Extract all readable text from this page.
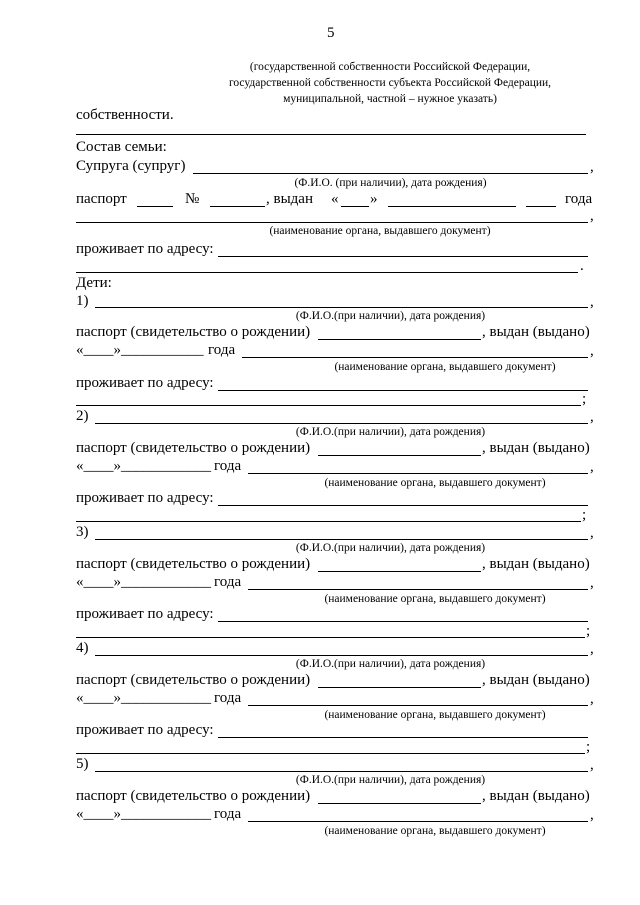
5
(государственной собственности Российской Федерации,
государственной собственности субъекта Российской Федерации,
муниципальной, частной – нужное указать)
собственности.
Состав семьи:
Супруга (супруг)	,
(Ф.И.О. (при наличии), дата рождения)
паспорт	№	, выдан « »	года
,
(наименование органа, выдавшего документ)
проживает по адресу:
.
Дети:
1)	,
(Ф.И.О.(при наличии), дата рождения)
паспорт (свидетельство о рождении)	, выдан (выдано)
«____»___________ года	,
(наименование органа, выдавшего документ)
проживает по адресу:
;
2)	,
(Ф.И.О.(при наличии), дата рождения)
паспорт (свидетельство о рождении)	, выдан (выдано)
«____»____________ года	,
(наименование органа, выдавшего документ)
проживает по адресу:
;
3)	,
(Ф.И.О.(при наличии), дата рождения)
паспорт (свидетельство о рождении)	, выдан (выдано)
«____»____________ года	,
(наименование органа, выдавшего документ)
проживает по адресу:
;
4)	,
(Ф.И.О.(при наличии), дата рождения)
паспорт (свидетельство о рождении)	, выдан (выдано)
«____»____________ года	,
(наименование органа, выдавшего документ)
проживает по адресу:
;
5)	,
(Ф.И.О.(при наличии), дата рождения)
паспорт (свидетельство о рождении)	, выдан (выдано)
«____»____________ года	,
(наименование органа, выдавшего документ)
